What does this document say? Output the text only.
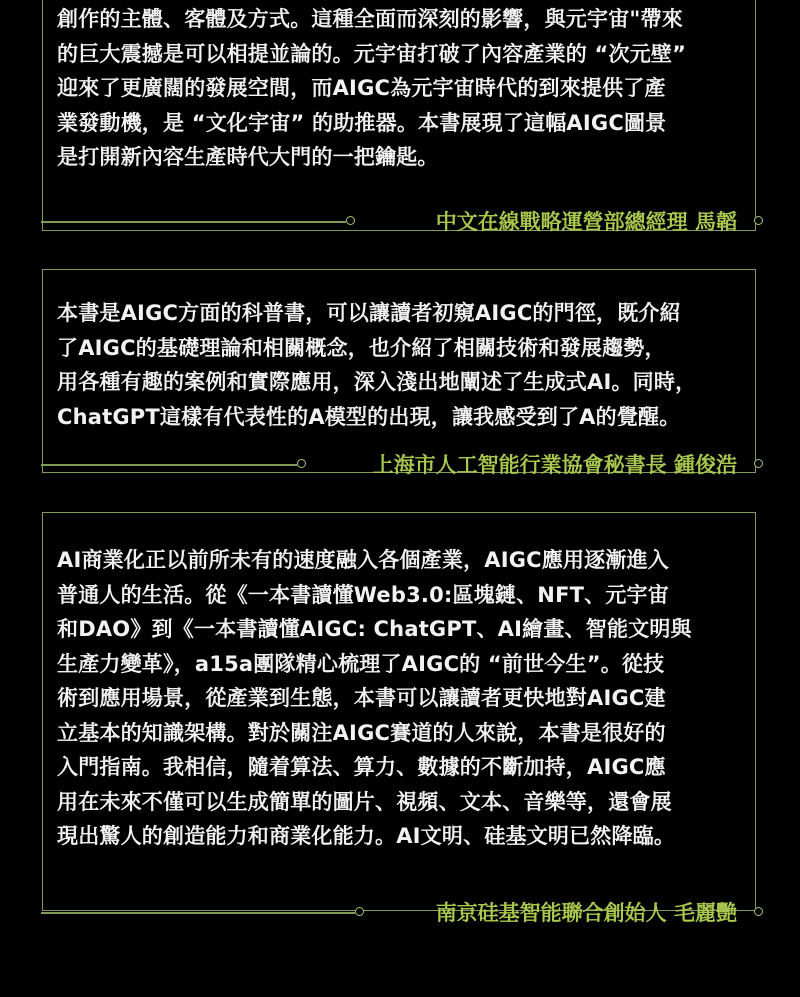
創作的主體、客體及方式。這種全面而深刻的影響，與元宇宙"帶來
的巨大震撼是可以相提並論的。元宇宙打破了內容產業的 “次元壁”
迎來了更廣闊的發展空間，而AIGC為元宇宙時代的到來提供了產
業發動機，是 “文化宇宙” 的助推器。本書展現了這幅AIGC圖景
是打開新內容生產時代大門的一把鑰匙。

中文在線戰略運營部總經理 馬韜

本書是AIGC方面的科普書，可以讓讀者初窺AIGC的門徑，既介紹
了AIGC的基礎理論和相關概念，也介紹了相關技術和發展趨勢，
用各種有趣的案例和實際應用，深入淺出地闡述了生成式AI。同時，
ChatGPT這樣有代表性的A模型的出現，讓我感受到了A的覺醒。

上海市人工智能行業協會秘書長 鍾俊浩

AI商業化正以前所未有的速度融入各個產業，AIGC應用逐漸進入
普通人的生活。從《一本書讀懂Web3.0:區塊鏈、NFT、元宇宙
和DAO》到《一本書讀懂AIGC: ChatGPT、AI繪畫、智能文明與
生產力變革》，a15a團隊精心梳理了AIGC的 “前世今生”。從技
術到應用場景，從產業到生態，本書可以讓讀者更快地對AIGC建
立基本的知識架構。對於關注AIGC賽道的人來說，本書是很好的
入門指南。我相信，隨着算法、算力、數據的不斷加持，AIGC應
用在未來不僅可以生成簡單的圖片、視頻、文本、音樂等，還會展
現出驚人的創造能力和商業化能力。AI文明、硅基文明已然降臨。

南京硅基智能聯合創始人 毛麗艷
